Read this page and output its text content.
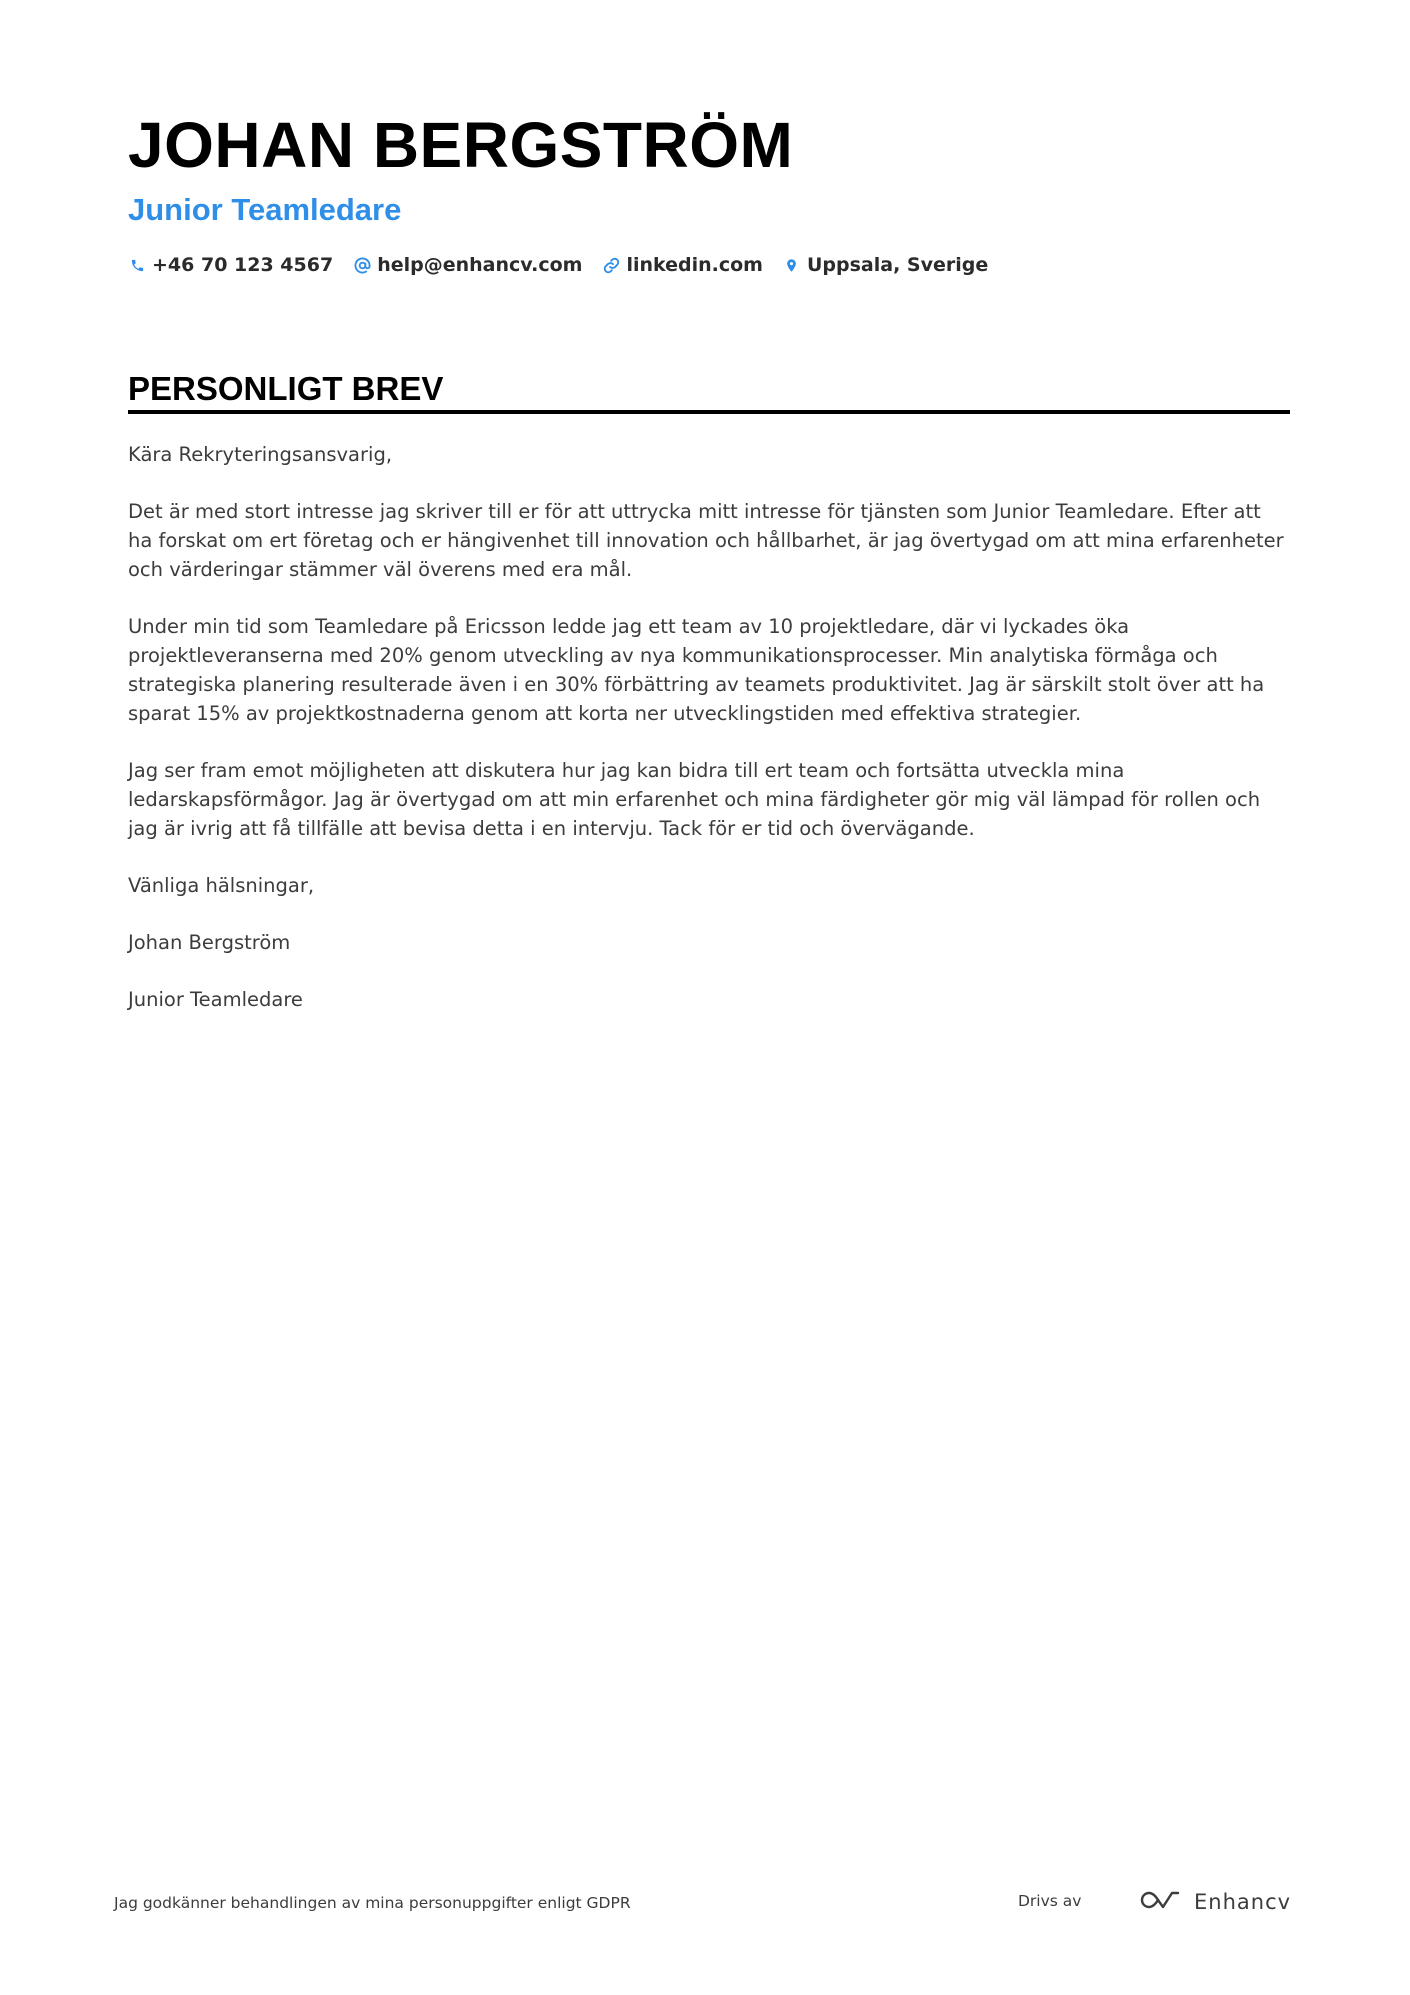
JOHAN BERGSTRÖM
Junior Teamledare
+46 70 123 4567 help@enhancv.com linkedin.com Uppsala, Sverige
PERSONLIGT BREV

Kära Rekryteringsansvarig,

Det är med stort intresse jag skriver till er för att uttrycka mitt intresse för tjänsten som Junior Teamledare. Efter att ha forskat om ert företag och er hängivenhet till innovation och hållbarhet, är jag övertygad om att mina erfarenheter och värderingar stämmer väl överens med era mål.

Under min tid som Teamledare på Ericsson ledde jag ett team av 10 projektledare, där vi lyckades öka projektleveranserna med 20% genom utveckling av nya kommunikationsprocesser. Min analytiska förmåga och strategiska planering resulterade även i en 30% förbättring av teamets produktivitet. Jag är särskilt stolt över att ha sparat 15% av projektkostnaderna genom att korta ner utvecklingstiden med effektiva strategier.

Jag ser fram emot möjligheten att diskutera hur jag kan bidra till ert team och fortsätta utveckla mina ledarskapsförmågor. Jag är övertygad om att min erfarenhet och mina färdigheter gör mig väl lämpad för rollen och jag är ivrig att få tillfälle att bevisa detta i en intervju. Tack för er tid och övervägande.

Vänliga hälsningar,

Johan Bergström

Junior Teamledare

Jag godkänner behandlingen av mina personuppgifter enligt GDPR	Drivs av	Enhancv
